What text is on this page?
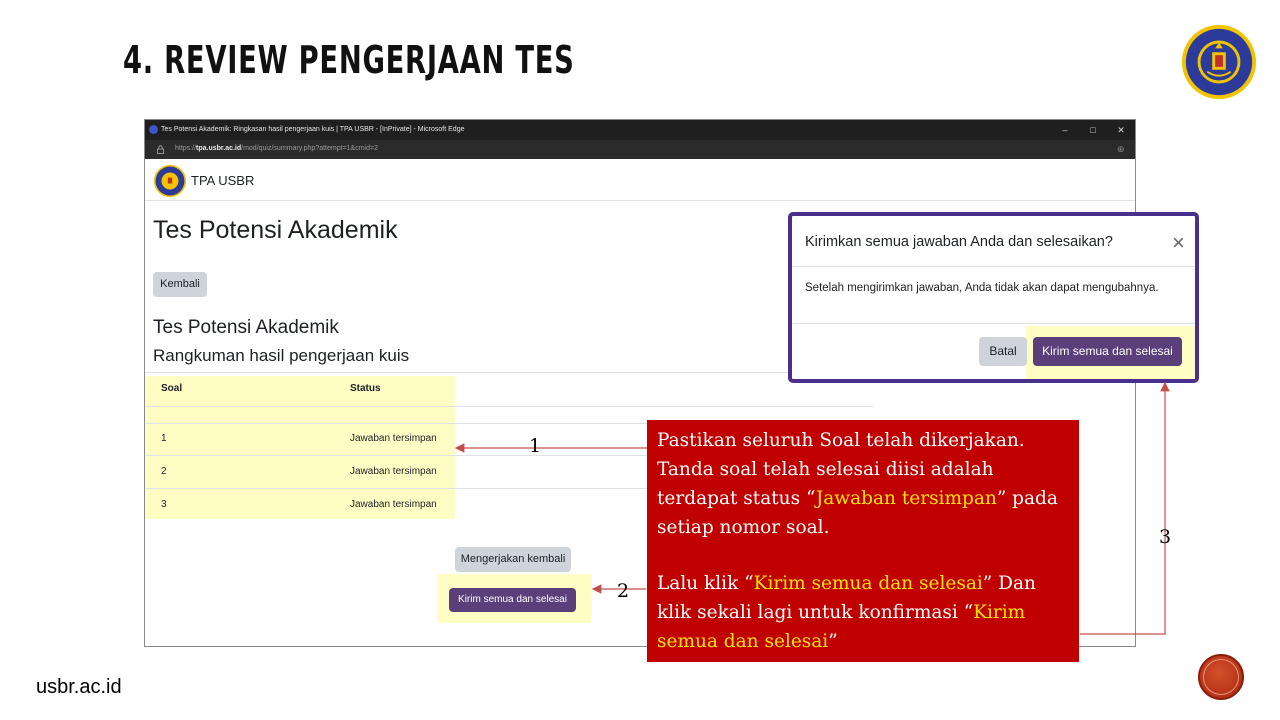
4. REVIEW PENGERJAAN TES
Tes Potensi Akademik: Ringkasan hasil pengerjaan kuis | TPA USBR - [InPrivate] - Microsoft Edge	–	□	✕
https://tpa.usbr.ac.id/mod/quiz/summary.php?attempt=1&cmid=2	⊕
TPA USBR
Tes Potensi Akademik
Kembali
Tes Potensi Akademik
Rangkuman hasil pengerjaan kuis
Soal	Status
1	Jawaban tersimpan
2	Jawaban tersimpan
3	Jawaban tersimpan
Mengerjakan kembali
Kirim semua dan selesai
Kirimkan semua jawaban Anda dan selesaikan?	×
Setelah mengirimkan jawaban, Anda tidak akan dapat mengubahnya.
Batal	Kirim semua dan selesai
Pastikan seluruh Soal telah dikerjakan. Tanda soal telah selesai diisi adalah terdapat status “Jawaban tersimpan” pada setiap nomor soal.
Lalu klik “Kirim semua dan selesai” Dan klik sekali lagi untuk konfirmasi “Kirim semua dan selesai”
1
2
3
usbr.ac.id
